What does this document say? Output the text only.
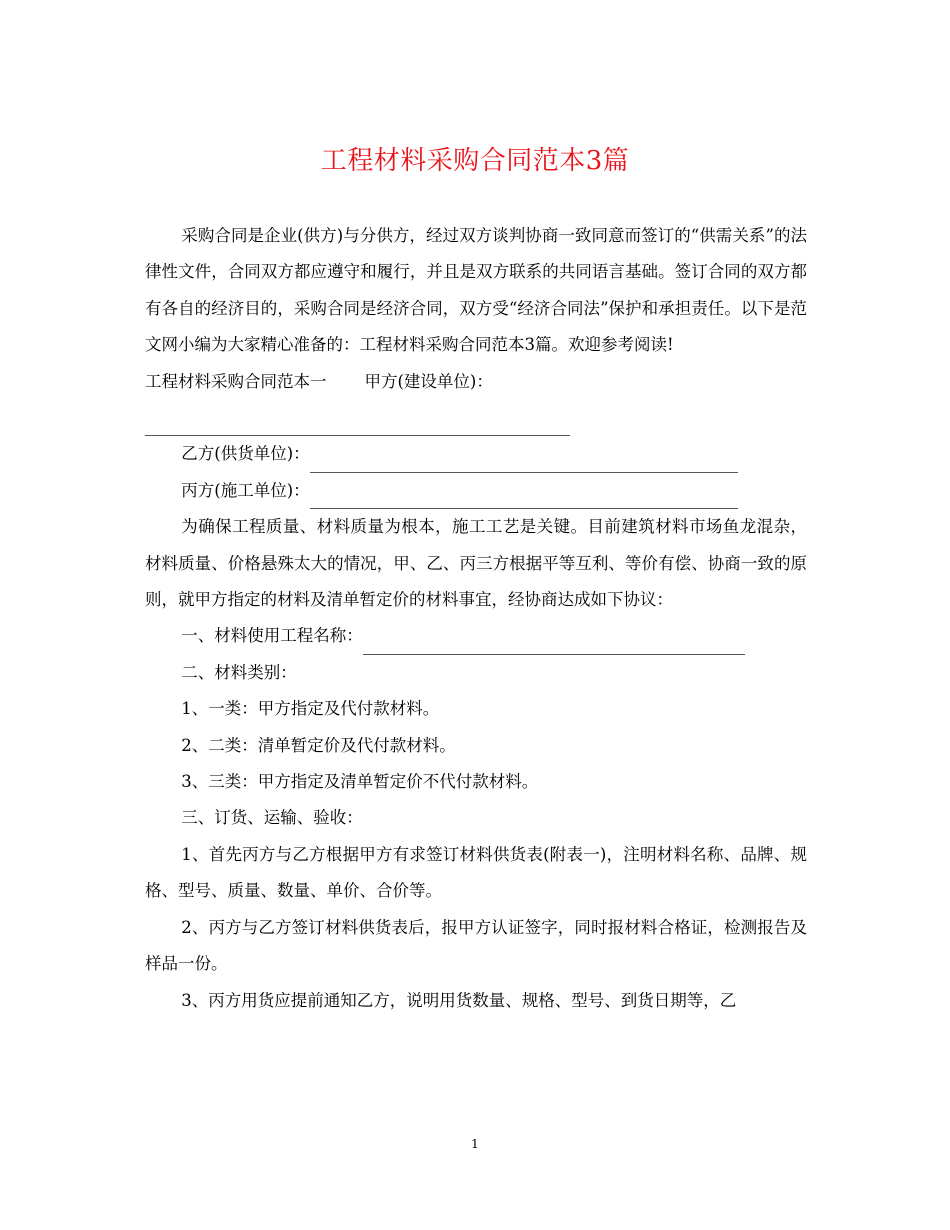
工程材料采购合同范本3篇

采购合同是企业(供方)与分供方，经过双方谈判协商一致同意而签订的“供需关系”的法律性文件，合同双方都应遵守和履行，并且是双方联系的共同语言基础。签订合同的双方都有各自的经济目的，采购合同是经济合同，双方受“经济合同法”保护和承担责任。以下是范文网小编为大家精心准备的：工程材料采购合同范本3篇。欢迎参考阅读!

工程材料采购合同范本一 甲方(建设单位)：

乙方(供货单位)：

丙方(施工单位)：

为确保工程质量、材料质量为根本，施工工艺是关键。目前建筑材料市场鱼龙混杂，材料质量、价格悬殊太大的情况，甲、乙、丙三方根据平等互利、等价有偿、协商一致的原则，就甲方指定的材料及清单暂定价的材料事宜，经协商达成如下协议：

一、材料使用工程名称：

二、材料类别：

1、一类：甲方指定及代付款材料。

2、二类：清单暂定价及代付款材料。

3、三类：甲方指定及清单暂定价不代付款材料。

三、订货、运输、验收：

1、首先丙方与乙方根据甲方有求签订材料供货表(附表一)，注明材料名称、品牌、规格、型号、质量、数量、单价、合价等。

2、丙方与乙方签订材料供货表后，报甲方认证签字，同时报材料合格证，检测报告及样品一份。

3、丙方用货应提前通知乙方，说明用货数量、规格、型号、到货日期等，乙

1
